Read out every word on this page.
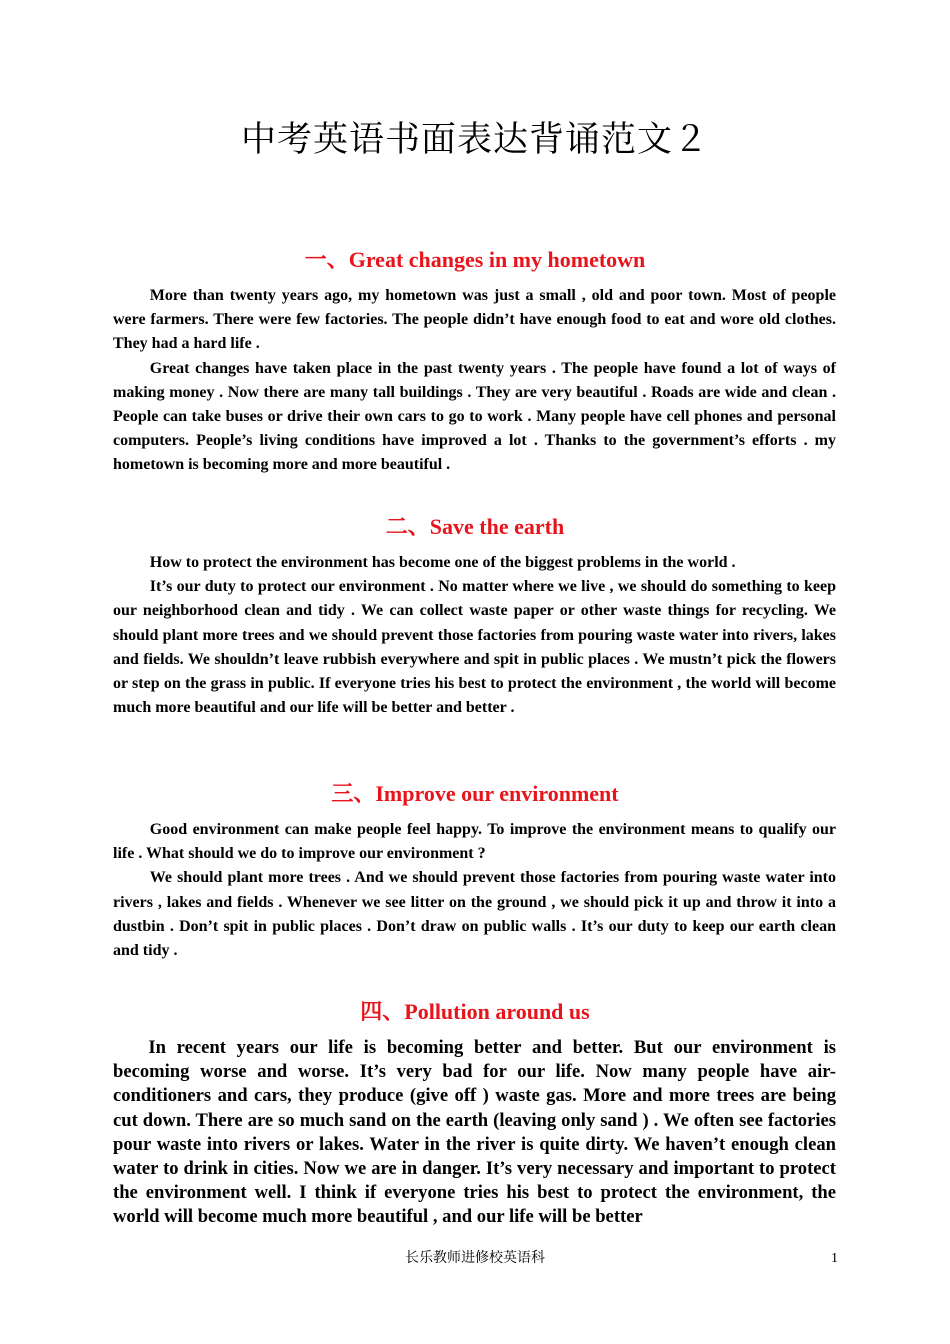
中考英语书面表达背诵范文２
一、Great changes in my hometown

More than twenty years ago, my hometown was just a small , old and poor town. Most of people were farmers. There were few factories. The people didn’t have enough food to eat and wore old clothes. They had a hard life .

Great changes have taken place in the past twenty years . The people have found a lot of ways of making money . Now there are many tall buildings . They are very beautiful . Roads are wide and clean . People can take buses or drive their own cars to go to work . Many people have cell phones and personal computers. People’s living conditions have improved a lot . Thanks to the government’s efforts . my hometown is becoming more and more beautiful .

二、Save the earth

How to protect the environment has become one of the biggest problems in the world .

It’s our duty to protect our environment . No matter where we live , we should do something to keep our neighborhood clean and tidy . We can collect waste paper or other waste things for recycling. We should plant more trees and we should prevent those factories from pouring waste water into rivers, lakes and fields. We shouldn’t leave rubbish everywhere and spit in public places . We mustn’t pick the flowers or step on the grass in public. If everyone tries his best to protect the environment , the world will become much more beautiful and our life will be better and better .

三、Improve our environment

Good environment can make people feel happy. To improve the environment means to qualify our life . What should we do to improve our environment ?

We should plant more trees . And we should prevent those factories from pouring waste water into rivers , lakes and fields . Whenever we see litter on the ground , we should pick it up and throw it into a dustbin . Don’t spit in public places . Don’t draw on public walls . It’s our duty to keep our earth clean and tidy .

四、Pollution around us

In recent years our life is becoming better and better. But our environment is becoming worse and worse. It’s very bad for our life. Now many people have air-conditioners and cars, they produce (give off ) waste gas. More and more trees are being cut down. There are so much sand on the earth (leaving only sand ) . We often see factories pour waste into rivers or lakes. Water in the river is quite dirty. We haven’t enough clean water to drink in cities. Now we are in danger. It’s very necessary and important to protect the environment well. I think if everyone tries his best to protect the environment, the world will become much more beautiful , and our life will be better

长乐教师进修校英语科	1
